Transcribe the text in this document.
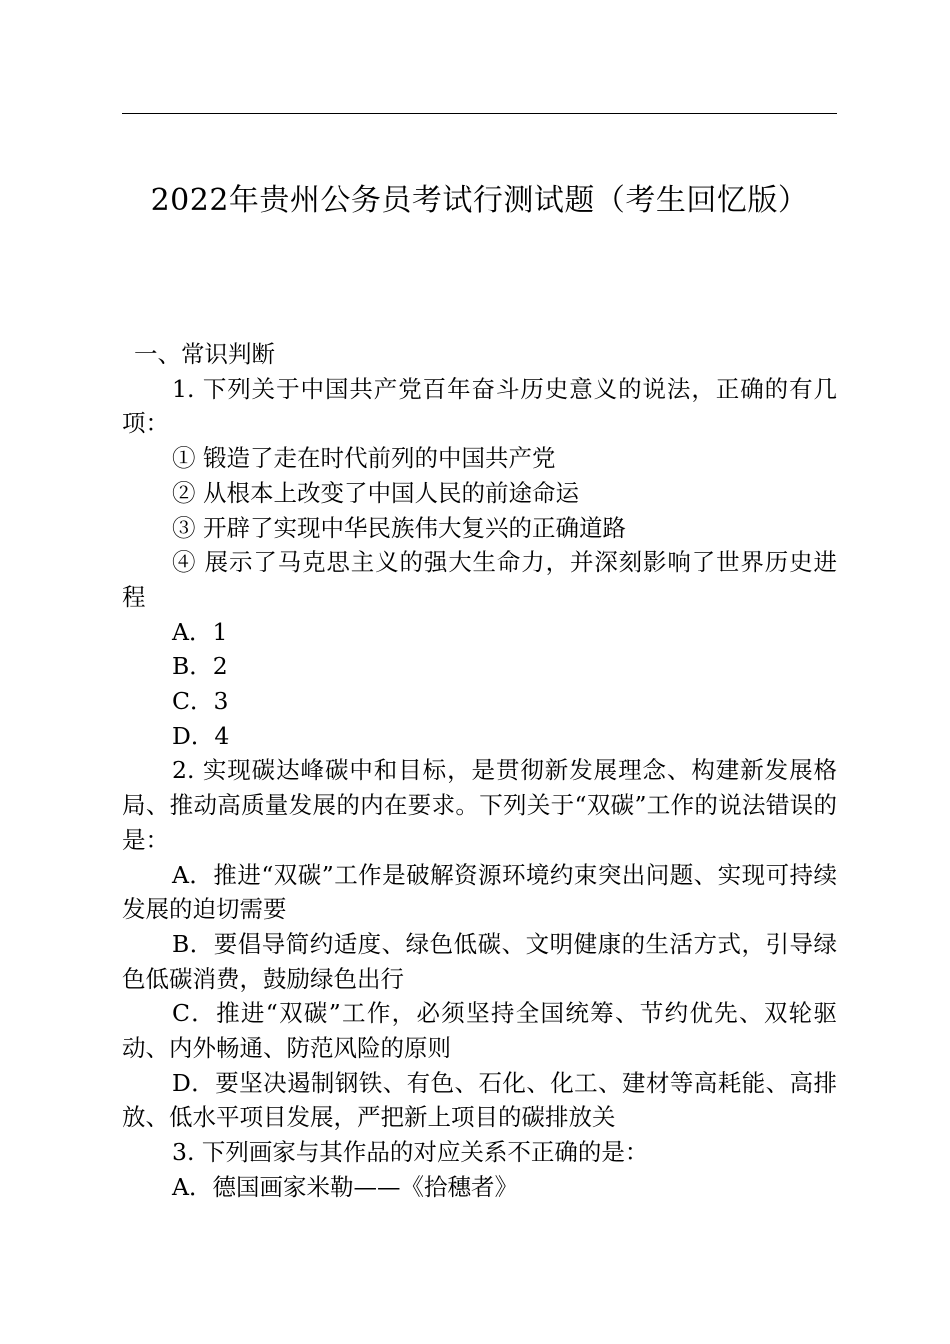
2022年贵州公务员考试行测试题（考生回忆版）

一、常识判断

1. 下列关于中国共产党百年奋斗历史意义的说法，正确的有几项：

① 锻造了走在时代前列的中国共产党

② 从根本上改变了中国人民的前途命运

③ 开辟了实现中华民族伟大复兴的正确道路

④ 展示了马克思主义的强大生命力，并深刻影响了世界历史进程

A．1

B．2

C．3

D．4

2. 实现碳达峰碳中和目标，是贯彻新发展理念、构建新发展格局、推动高质量发展的内在要求。下列关于“双碳”工作的说法错误的是：

A．推进“双碳”工作是破解资源环境约束突出问题、实现可持续发展的迫切需要

B．要倡导简约适度、绿色低碳、文明健康的生活方式，引导绿色低碳消费，鼓励绿色出行

C．推进“双碳”工作，必须坚持全国统筹、节约优先、双轮驱动、内外畅通、防范风险的原则

D．要坚决遏制钢铁、有色、石化、化工、建材等高耗能、高排放、低水平项目发展，严把新上项目的碳排放关

3. 下列画家与其作品的对应关系不正确的是：

A．德国画家米勒——《拾穗者》
